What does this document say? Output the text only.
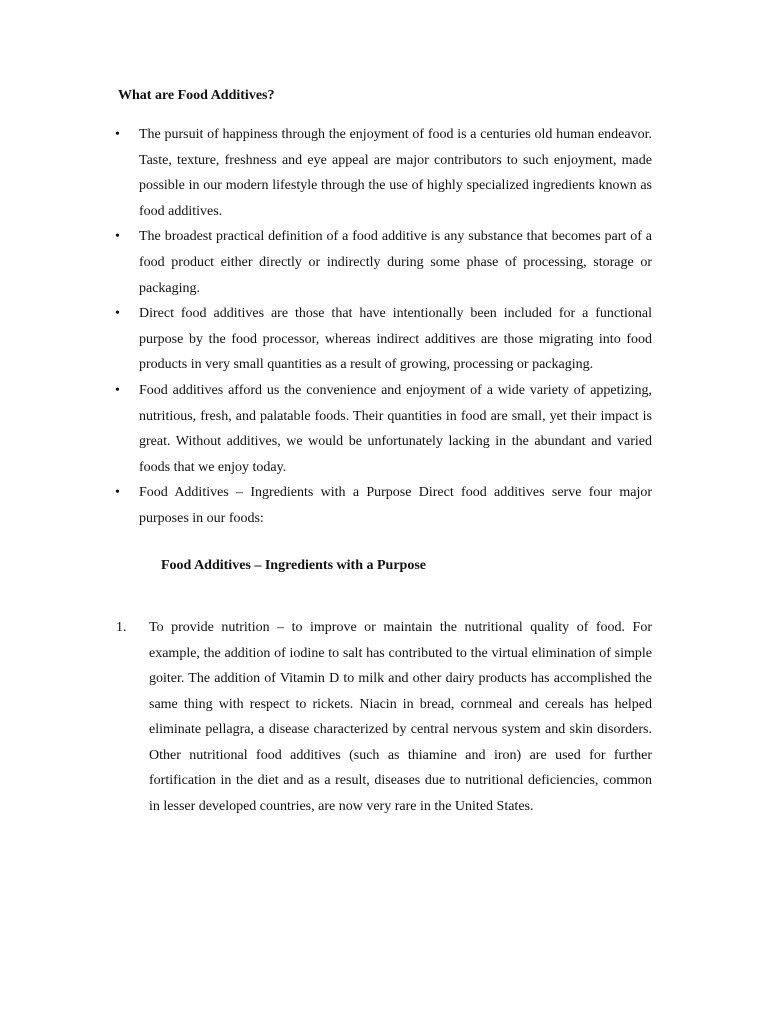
What are Food Additives?
• The pursuit of happiness through the enjoyment of food is a centuries old human endeavor. Taste, texture, freshness and eye appeal are major contributors to such enjoyment, made possible in our modern lifestyle through the use of highly specialized ingredients known as food additives.
• The broadest practical definition of a food additive is any substance that becomes part of a food product either directly or indirectly during some phase of processing, storage or packaging.
• Direct food additives are those that have intentionally been included for a functional purpose by the food processor, whereas indirect additives are those migrating into food products in very small quantities as a result of growing, processing or packaging.
• Food additives afford us the convenience and enjoyment of a wide variety of appetizing, nutritious, fresh, and palatable foods. Their quantities in food are small, yet their impact is great. Without additives, we would be unfortunately lacking in the abundant and varied foods that we enjoy today.
• Food Additives – Ingredients with a Purpose Direct food additives serve four major purposes in our foods:
Food Additives – Ingredients with a Purpose
1. To provide nutrition – to improve or maintain the nutritional quality of food. For example, the addition of iodine to salt has contributed to the virtual elimination of simple goiter. The addition of Vitamin D to milk and other dairy products has accomplished the same thing with respect to rickets. Niacin in bread, cornmeal and cereals has helped eliminate pellagra, a disease characterized by central nervous system and skin disorders. Other nutritional food additives (such as thiamine and iron) are used for further fortification in the diet and as a result, diseases due to nutritional deficiencies, common in lesser developed countries, are now very rare in the United States.
